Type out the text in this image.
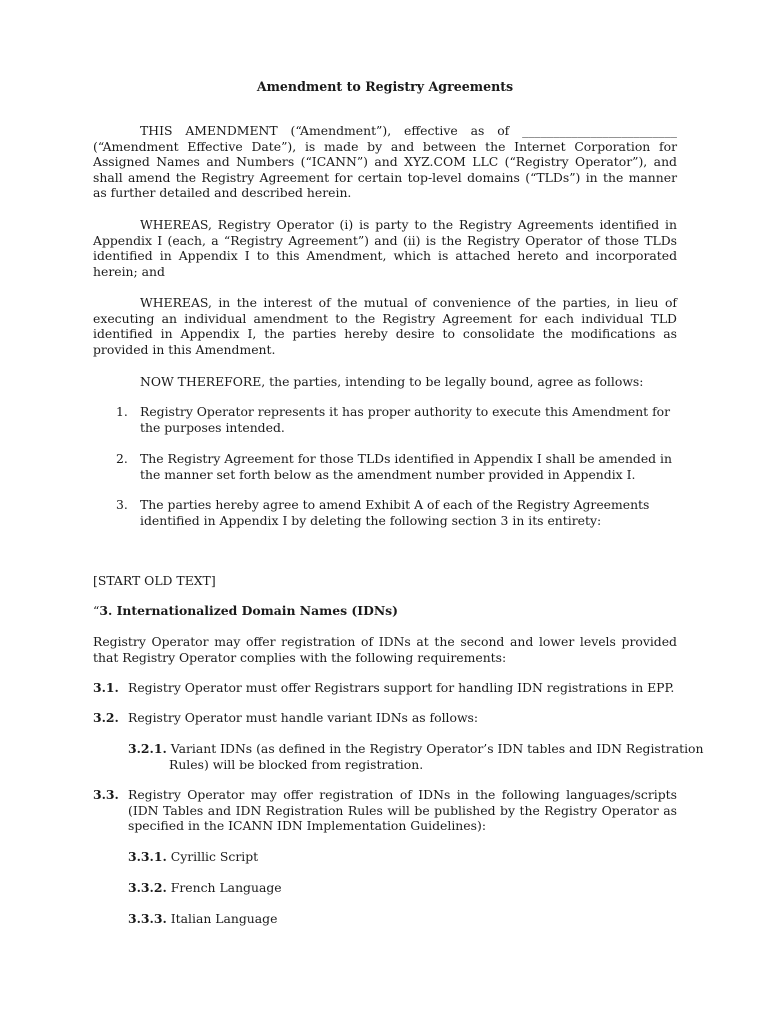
Amendment to Registry Agreements

THIS AMENDMENT (“Amendment”), effective as of _________________________ (“Amendment Effective Date”), is made by and between the Internet Corporation for Assigned Names and Numbers (“ICANN”) and XYZ.COM LLC (“Registry Operator”), and shall amend the Registry Agreement for certain top-level domains (“TLDs”) in the manner as further detailed and described herein.

WHEREAS, Registry Operator (i) is party to the Registry Agreements identified in Appendix I (each, a “Registry Agreement”) and (ii) is the Registry Operator of those TLDs identified in Appendix I to this Amendment, which is attached hereto and incorporated herein; and

WHEREAS, in the interest of the mutual of convenience of the parties, in lieu of executing an individual amendment to the Registry Agreement for each individual TLD identified in Appendix I, the parties hereby desire to consolidate the modifications as provided in this Amendment.

NOW THEREFORE, the parties, intending to be legally bound, agree as follows:

1. Registry Operator represents it has proper authority to execute this Amendment for the purposes intended.
2. The Registry Agreement for those TLDs identified in Appendix I shall be amended in the manner set forth below as the amendment number provided in Appendix I.
3. The parties hereby agree to amend Exhibit A of each of the Registry Agreements identified in Appendix I by deleting the following section 3 in its entirety:

[START OLD TEXT]

“3. Internationalized Domain Names (IDNs)

Registry Operator may offer registration of IDNs at the second and lower levels provided that Registry Operator complies with the following requirements:

3.1. Registry Operator must offer Registrars support for handling IDN registrations in EPP.
3.2. Registry Operator must handle variant IDNs as follows:

3.2.1. Variant IDNs (as defined in the Registry Operator’s IDN tables and IDN Registration Rules) will be blocked from registration.

3.3. Registry Operator may offer registration of IDNs in the following languages/scripts (IDN Tables and IDN Registration Rules will be published by the Registry Operator as specified in the ICANN IDN Implementation Guidelines):

3.3.1. Cyrillic Script

3.3.2. French Language

3.3.3. Italian Language
